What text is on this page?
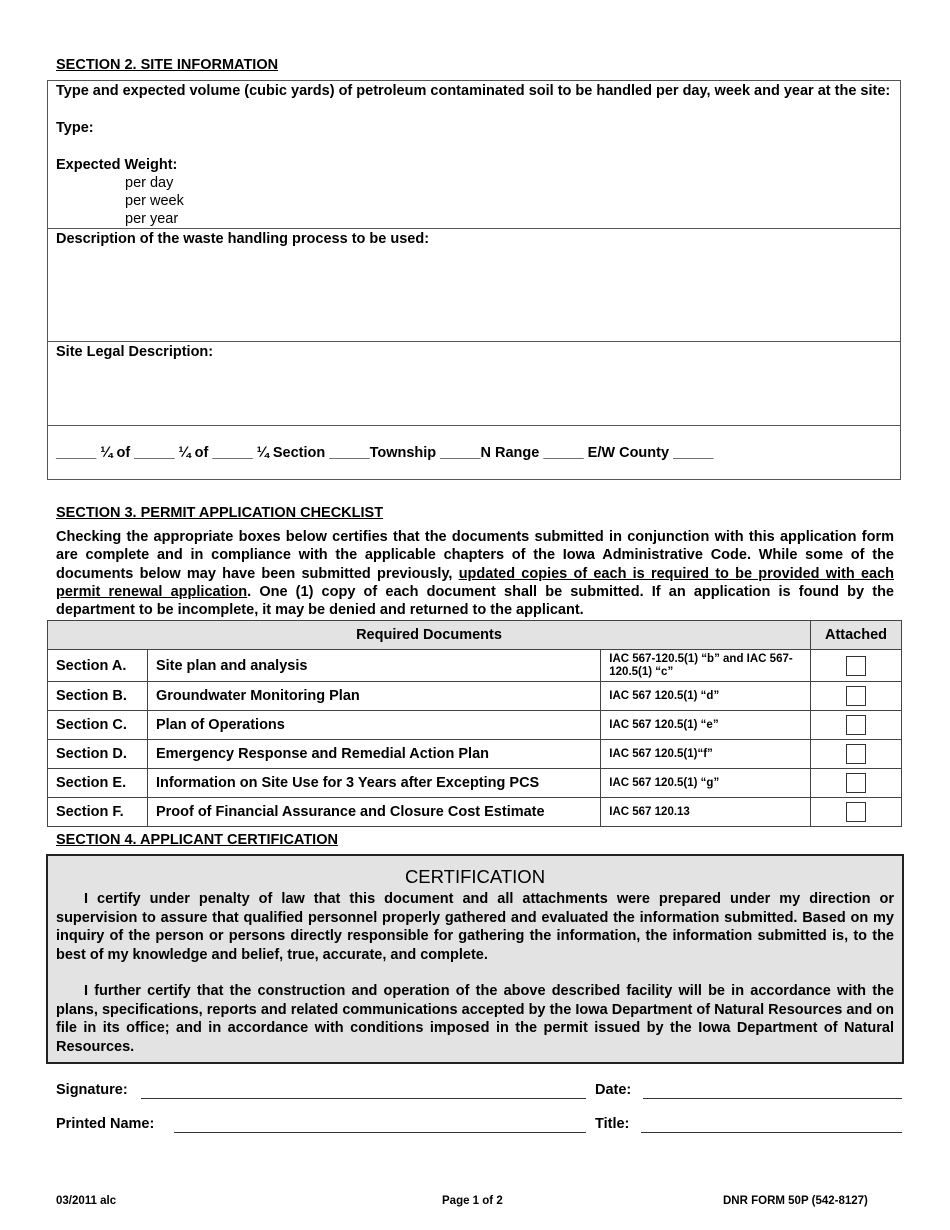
SECTION 2. SITE INFORMATION
Type and expected volume (cubic yards) of petroleum contaminated soil to be handled per day, week and year at the site:
Type:
Expected Weight:
per day
per week
per year
Description of the waste handling process to be used:
Site Legal Description:
_____ ¼ of _____ ¼ of _____ ¼ Section _____Township _____N Range _____ E/W County _____
SECTION 3. PERMIT APPLICATION CHECKLIST
Checking the appropriate boxes below certifies that the documents submitted in conjunction with this application form are complete and in compliance with the applicable chapters of the Iowa Administrative Code. While some of the documents below may have been submitted previously, updated copies of each is required to be provided with each permit renewal application. One (1) copy of each document shall be submitted. If an application is found by the department to be incomplete, it may be denied and returned to the applicant.
Required Documents			Attached
Section A.	Site plan and analysis	IAC 567-120.5(1) “b” and IAC 567-120.5(1) “c”	
Section B.	Groundwater Monitoring Plan	IAC 567 120.5(1) “d”	
Section C.	Plan of Operations	IAC 567 120.5(1) “e”	
Section D.	Emergency Response and Remedial Action Plan	IAC 567 120.5(1)“f”	
Section E.	Information on Site Use for 3 Years after Excepting PCS	IAC 567 120.5(1) “g”	
Section F.	Proof of Financial Assurance and Closure Cost Estimate	IAC 567 120.13	
SECTION 4. APPLICANT CERTIFICATION
CERTIFICATION

I certify under penalty of law that this document and all attachments were prepared under my direction or supervision to assure that qualified personnel properly gathered and evaluated the information submitted. Based on my inquiry of the person or persons directly responsible for gathering the information, the information submitted is, to the best of my knowledge and belief, true, accurate, and complete.

I further certify that the construction and operation of the above described facility will be in accordance with the plans, specifications, reports and related communications accepted by the Iowa Department of Natural Resources and on file in its office; and in accordance with conditions imposed in the permit issued by the Iowa Department of Natural Resources.

Signature:	Date:
Printed Name:	Title:
03/2011 alc	Page 1 of 2	DNR FORM 50P (542-8127)
